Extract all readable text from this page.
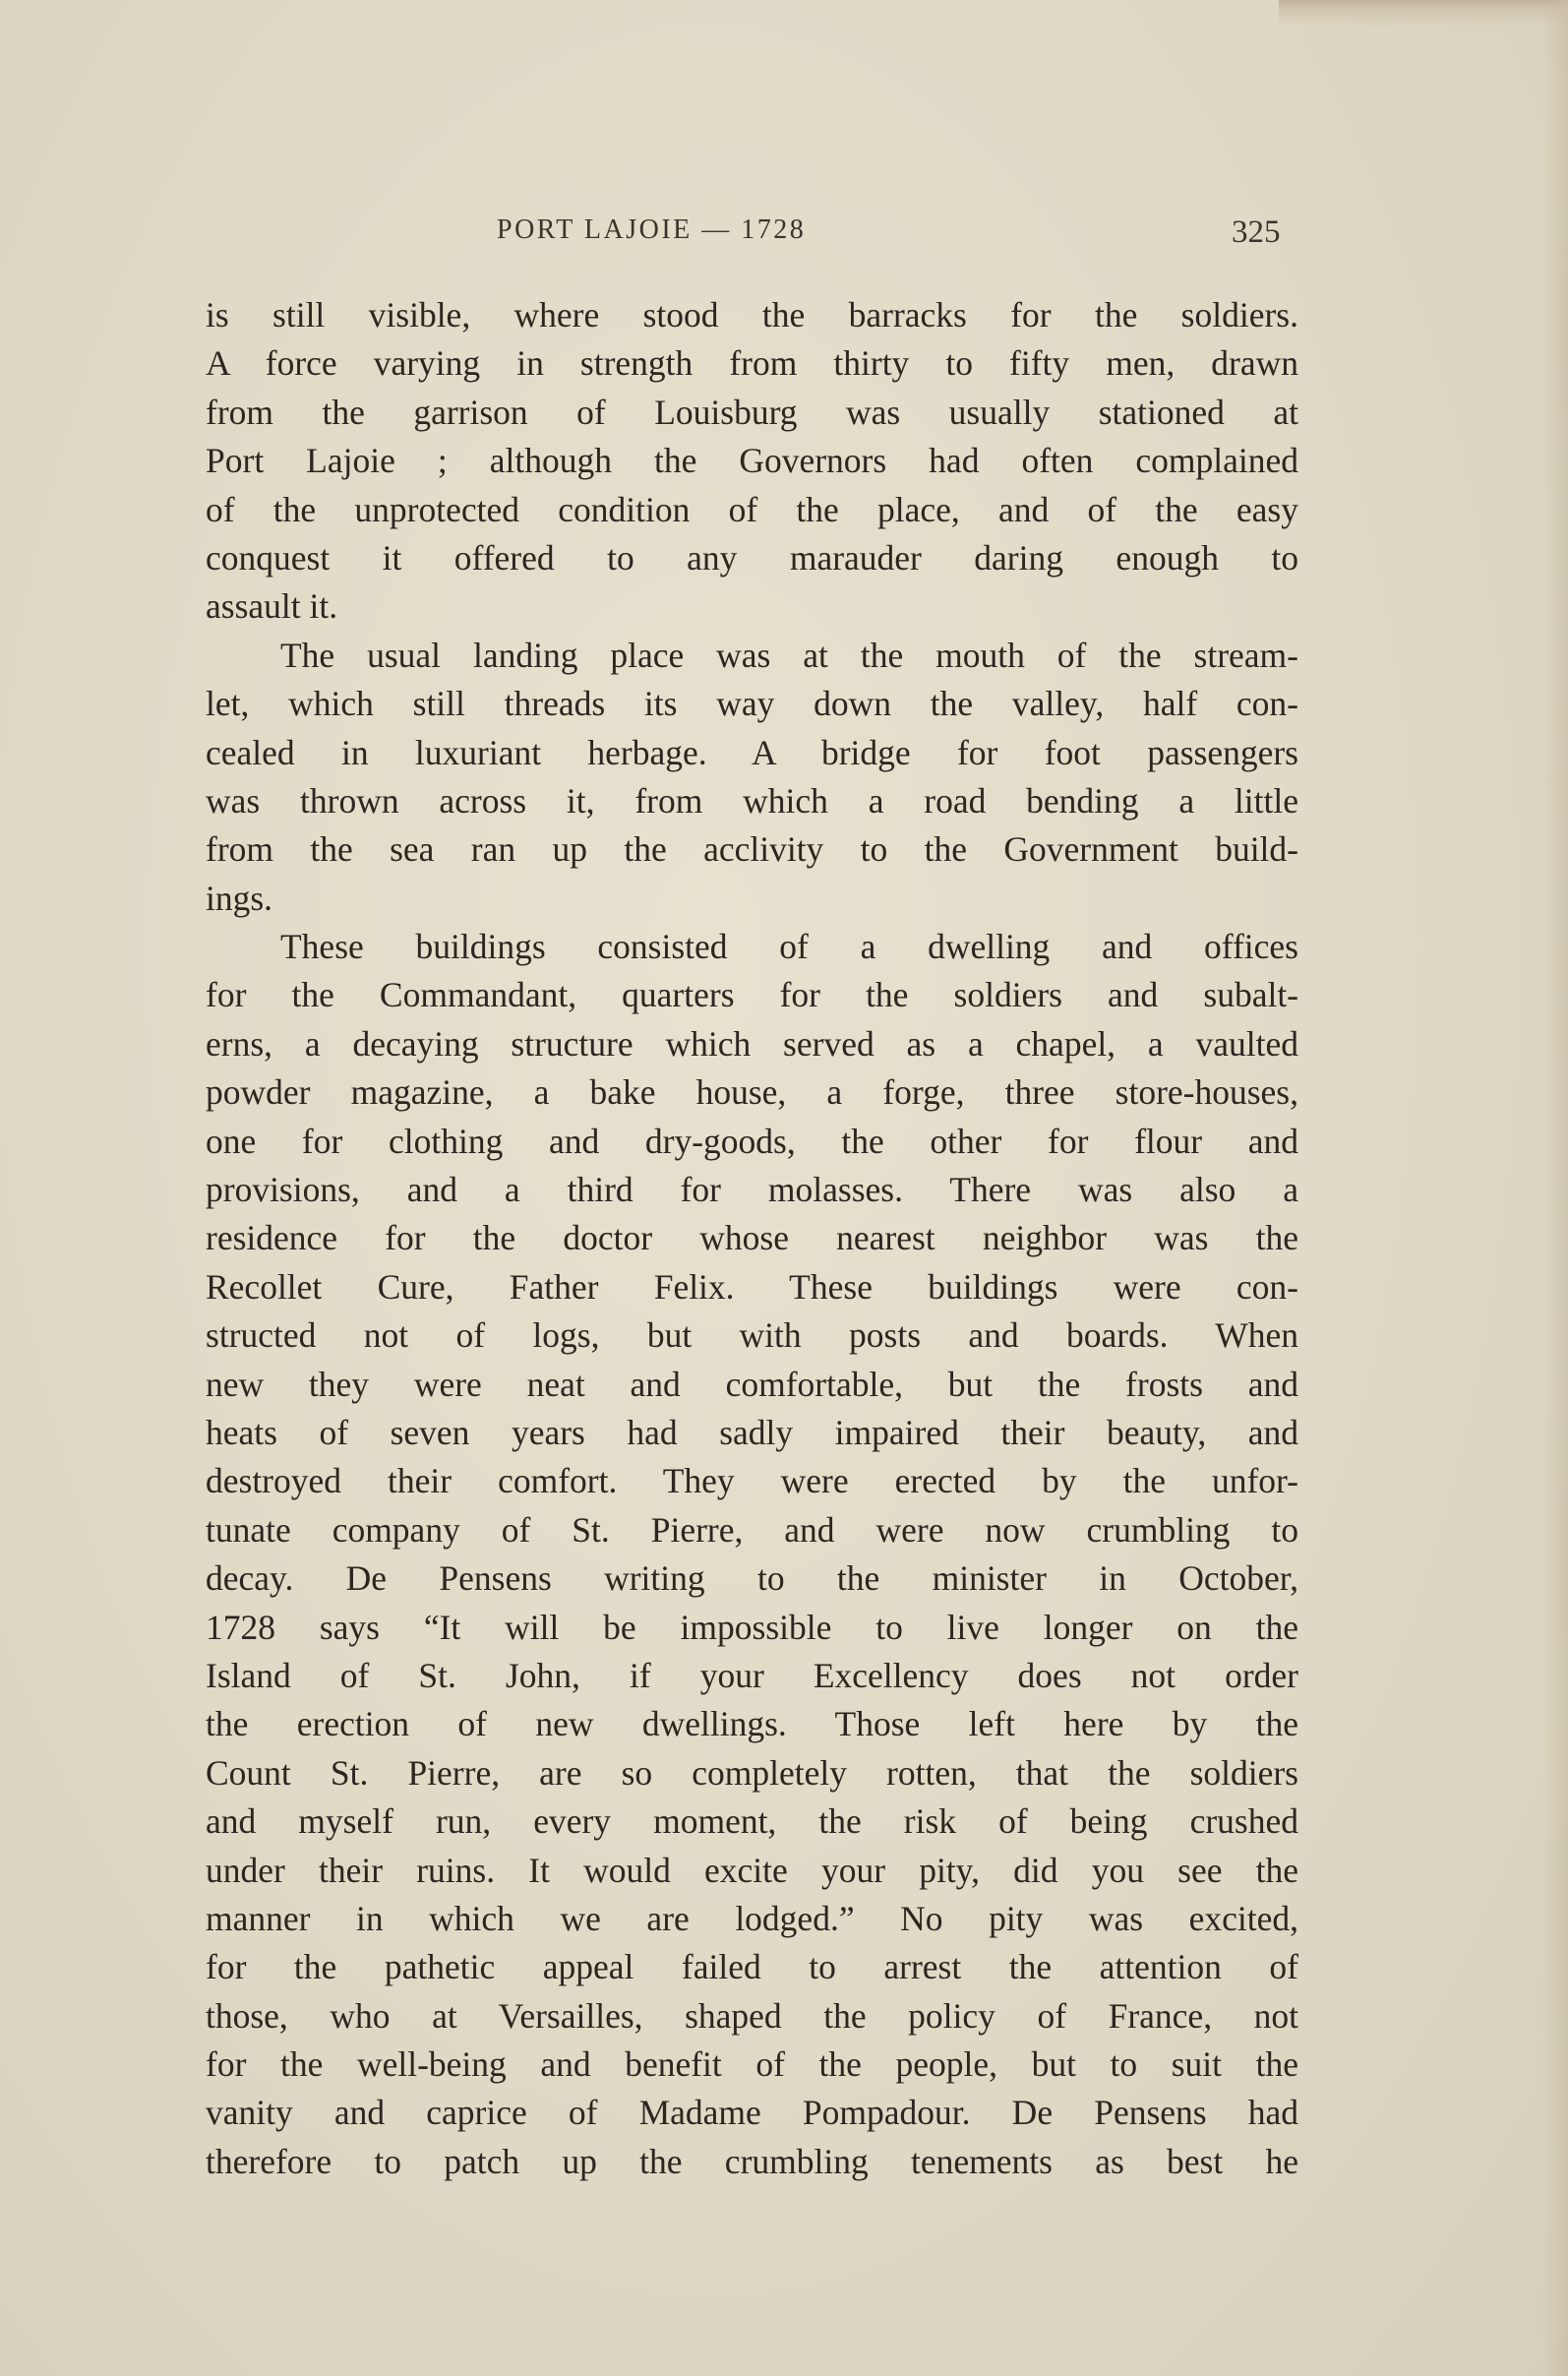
PORT LAJOIE — 1728	325
is still visible, where stood the barracks for the soldiers.
A force varying in strength from thirty to fifty men, drawn
from the garrison of Louisburg was usually stationed at
Port Lajoie ; although the Governors had often complained
of the unprotected condition of the place, and of the easy
conquest it offered to any marauder daring enough to
assault it.
The usual landing place was at the mouth of the stream-
let, which still threads its way down the valley, half con-
cealed in luxuriant herbage. A bridge for foot passengers
was thrown across it, from which a road bending a little
from the sea ran up the acclivity to the Government build-
ings.
These buildings consisted of a dwelling and offices
for the Commandant, quarters for the soldiers and subalt-
erns, a decaying structure which served as a chapel, a vaulted
powder magazine, a bake house, a forge, three store-houses,
one for clothing and dry-goods, the other for flour and
provisions, and a third for molasses. There was also a
residence for the doctor whose nearest neighbor was the
Recollet Cure, Father Felix. These buildings were con-
structed not of logs, but with posts and boards. When
new they were neat and comfortable, but the frosts and
heats of seven years had sadly impaired their beauty, and
destroyed their comfort. They were erected by the unfor-
tunate company of St. Pierre, and were now crumbling to
decay. De Pensens writing to the minister in October,
1728 says “It will be impossible to live longer on the
Island of St. John, if your Excellency does not order
the erection of new dwellings. Those left here by the
Count St. Pierre, are so completely rotten, that the soldiers
and myself run, every moment, the risk of being crushed
under their ruins. It would excite your pity, did you see the
manner in which we are lodged.” No pity was excited,
for the pathetic appeal failed to arrest the attention of
those, who at Versailles, shaped the policy of France, not
for the well-being and benefit of the people, but to suit the
vanity and caprice of Madame Pompadour. De Pensens had
therefore to patch up the crumbling tenements as best he
